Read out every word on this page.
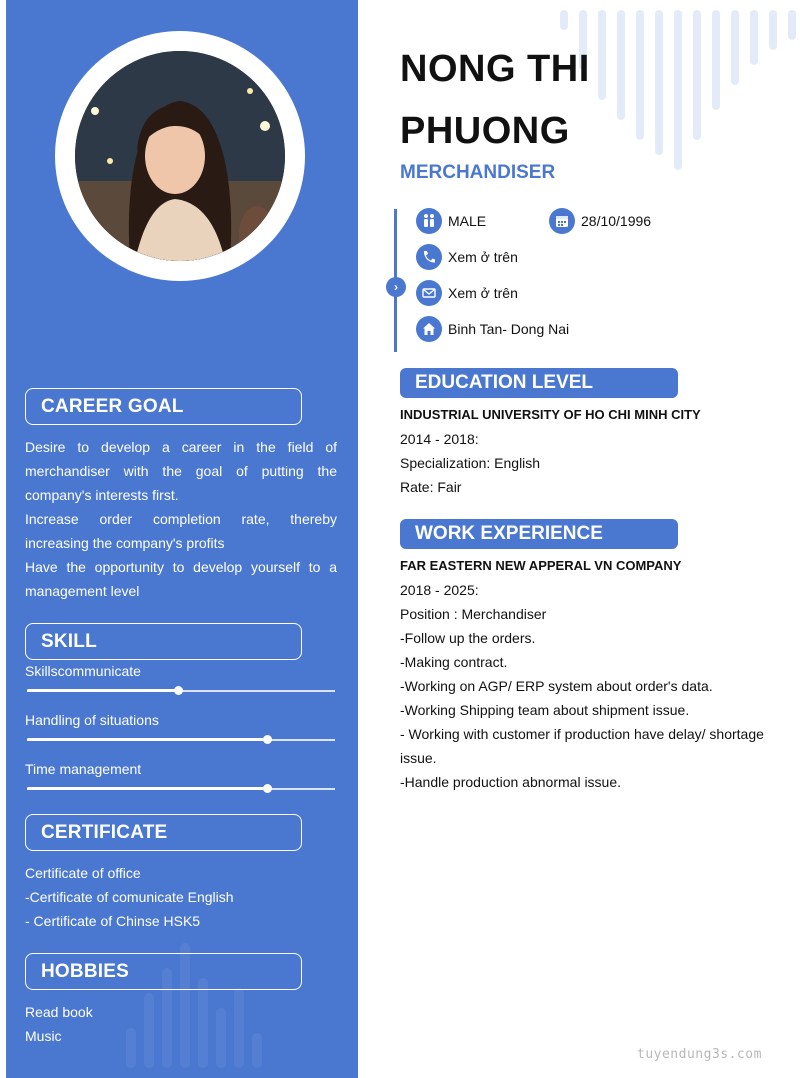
CAREER GOAL

Desire to develop a career in the field of merchandiser with the goal of putting the company's interests first.

Increase order completion rate, thereby increasing the company's profits

Have the opportunity to develop yourself to a management level

SKILL
Skillscommunicate
Handling of situations
Time management
CERTIFICATE

Certificate of office

-Certificate of comunicate English

- Certificate of Chinse HSK5

HOBBIES

Read book

Music

NONG THI
PHUONG
MERCHANDISER
›
MALE	28/10/1996
Xem ở trên
Xem ở trên
Binh Tan- Dong Nai
EDUCATION LEVEL

INDUSTRIAL UNIVERSITY OF HO CHI MINH CITY

2014 - 2018:

Specialization: English

Rate: Fair

WORK EXPERIENCE

FAR EASTERN NEW APPERAL VN COMPANY

2018 - 2025:

Position : Merchandiser

-Follow up the orders.

-Making contract.

-Working on AGP/ ERP system about order's data.

-Working Shipping team about shipment issue.

- Working with customer if production have delay/ shortage issue.

-Handle production abnormal issue.

tuyendung3s.com
